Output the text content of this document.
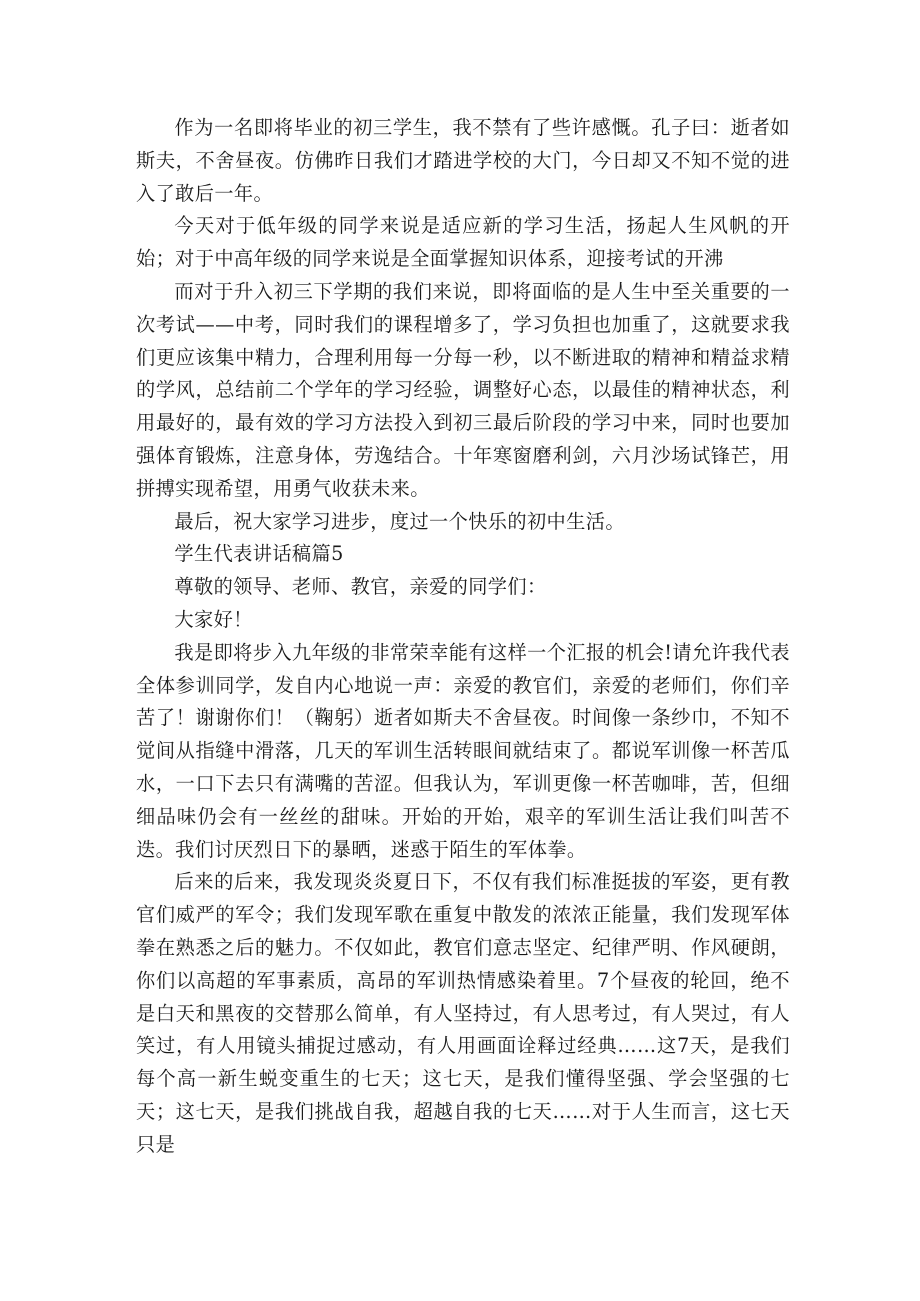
作为一名即将毕业的初三学生，我不禁有了些许感慨。孔子曰：逝者如斯夫，不舍昼夜。仿佛昨日我们才踏进学校的大门，今日却又不知不觉的进入了敢后一年。

今天对于低年级的同学来说是适应新的学习生活，扬起人生风帆的开始；对于中高年级的同学来说是全面掌握知识体系，迎接考试的开沸

而对于升入初三下学期的我们来说，即将面临的是人生中至关重要的一次考试——中考，同时我们的课程增多了，学习负担也加重了，这就要求我们更应该集中精力，合理利用每一分每一秒，以不断进取的精神和精益求精的学风，总结前二个学年的学习经验，调整好心态，以最佳的精神状态，利用最好的，最有效的学习方法投入到初三最后阶段的学习中来，同时也要加强体育锻炼，注意身体，劳逸结合。十年寒窗磨利剑，六月沙场试锋芒，用拼搏实现希望，用勇气收获未来。

最后，祝大家学习进步，度过一个快乐的初中生活。

学生代表讲话稿篇5

尊敬的领导、老师、教官，亲爱的同学们：

大家好！

我是即将步入九年级的非常荣幸能有这样一个汇报的机会!请允许我代表全体参训同学，发自内心地说一声：亲爱的教官们，亲爱的老师们，你们辛苦了！谢谢你们！（鞠躬）逝者如斯夫不舍昼夜。时间像一条纱巾，不知不觉间从指缝中滑落，几天的军训生活转眼间就结束了。都说军训像一杯苦瓜水，一口下去只有满嘴的苦涩。但我认为，军训更像一杯苦咖啡，苦，但细细品味仍会有一丝丝的甜味。开始的开始，艰辛的军训生活让我们叫苦不迭。我们讨厌烈日下的暴晒，迷惑于陌生的军体拳。

后来的后来，我发现炎炎夏日下，不仅有我们标准挺拔的军姿，更有教官们威严的军令；我们发现军歌在重复中散发的浓浓正能量，我们发现军体拳在熟悉之后的魅力。不仅如此，教官们意志坚定、纪律严明、作风硬朗，你们以高超的军事素质，高昂的军训热情感染着里。7个昼夜的轮回，绝不是白天和黑夜的交替那么简单，有人坚持过，有人思考过，有人哭过，有人笑过，有人用镜头捕捉过感动，有人用画面诠释过经典……这7天，是我们每个高一新生蜕变重生的七天；这七天，是我们懂得坚强、学会坚强的七天；这七天，是我们挑战自我，超越自我的七天……对于人生而言，这七天只是
